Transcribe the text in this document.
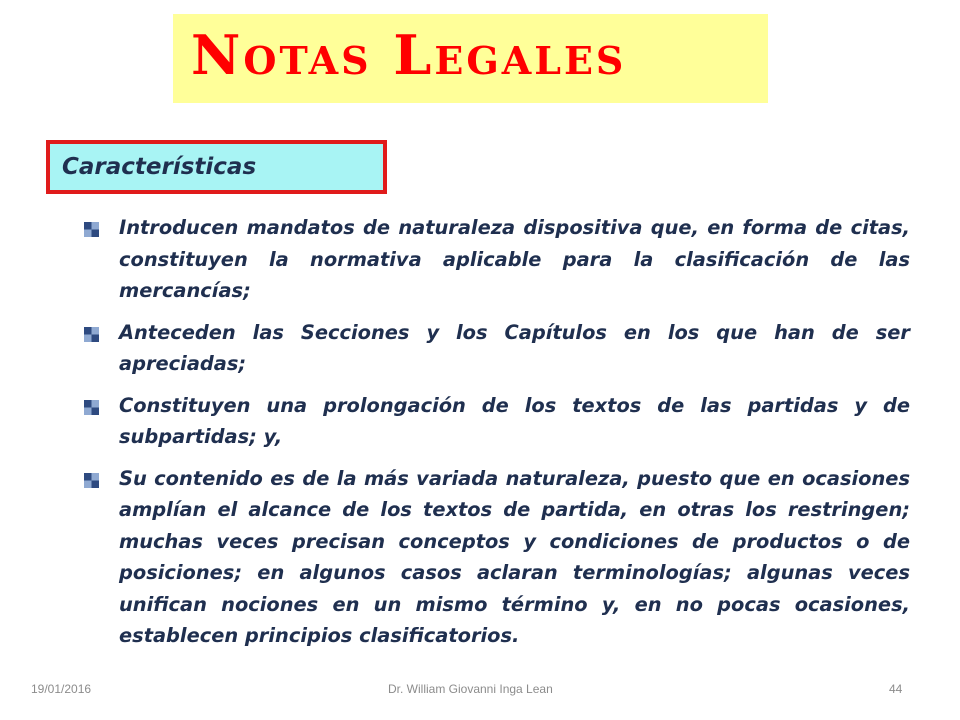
Notas Legales
Características
Introducen mandatos de naturaleza dispositiva que, en forma de citas, constituyen la normativa aplicable para la clasificación de las mercancías;
Anteceden las Secciones y los Capítulos en los que han de ser apreciadas;
Constituyen una prolongación de los textos de las partidas y de subpartidas; y,
Su contenido es de la más variada naturaleza, puesto que en ocasiones amplían el alcance de los textos de partida, en otras los restringen; muchas veces precisan conceptos y condiciones de productos o de posiciones; en algunos casos aclaran terminologías; algunas veces unifican nociones en un mismo término y, en no pocas ocasiones, establecen principios clasificatorios.
19/01/2016	Dr. William Giovanni Inga Lean	44
